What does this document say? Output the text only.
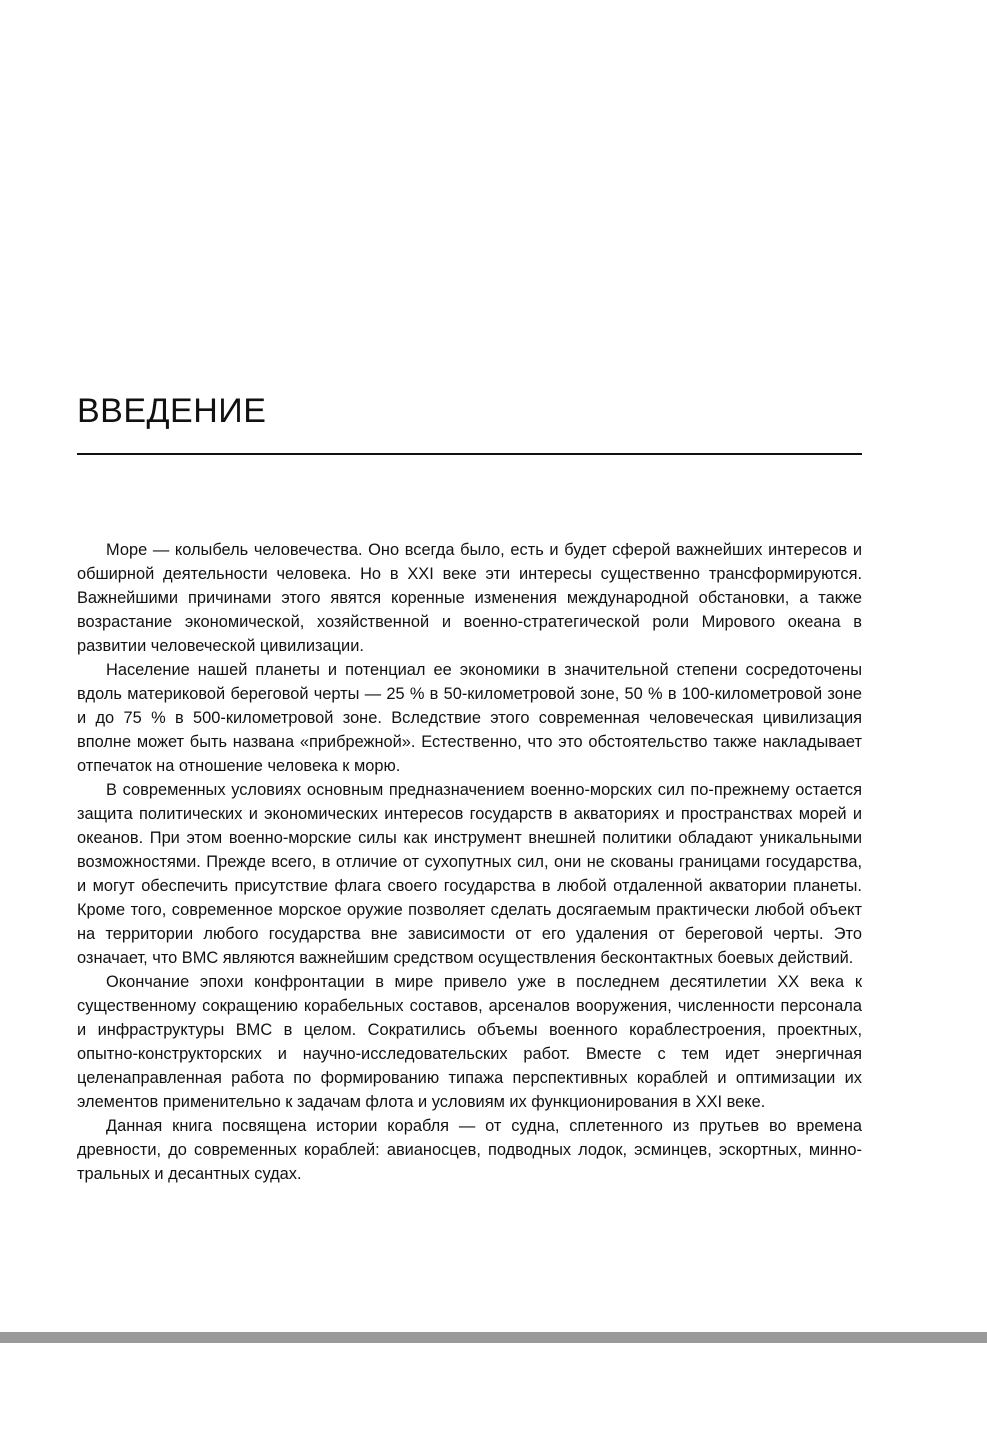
ВВЕДЕНИЕ

Море — колыбель человечества. Оно всегда было, есть и будет сферой важнейших интересов и обширной деятельности человека. Но в XXI веке эти интересы существенно трансформируются. Важнейшими причинами этого явятся коренные изменения международной обстановки, а также возрастание экономической, хозяйственной и военно-стратегической роли Мирового океана в развитии человеческой цивилизации.

Население нашей планеты и потенциал ее экономики в значительной степени сосредоточены вдоль материковой береговой черты — 25 % в 50-километровой зоне, 50 % в 100-километровой зоне и до 75 % в 500-километровой зоне. Вследствие этого современная человеческая цивилизация вполне может быть названа «прибрежной». Естественно, что это обстоятельство также накладывает отпечаток на отношение человека к морю.

В современных условиях основным предназначением военно-морских сил по-прежнему остается защита политических и экономических интересов государств в акваториях и пространствах морей и океанов. При этом военно-морские силы как инструмент внешней политики обладают уникальными возможностями. Прежде всего, в отличие от сухопутных сил, они не скованы границами государства, и могут обеспечить присутствие флага своего государства в любой отдаленной акватории планеты. Кроме того, современное морское оружие позволяет сделать досягаемым практически любой объект на территории любого государства вне зависимости от его удаления от береговой черты. Это означает, что ВМС являются важнейшим средством осуществления бесконтактных боевых действий.

Окончание эпохи конфронтации в мире привело уже в последнем десятилетии XX века к существенному сокращению корабельных составов, арсеналов вооружения, численности персонала и инфраструктуры ВМС в целом. Сократились объемы военного кораблестроения, проектных, опытно-конструкторских и научно-исследовательских работ. Вместе с тем идет энергичная целенаправленная работа по формированию типажа перспективных кораблей и оптимизации их элементов применительно к задачам флота и условиям их функционирования в XXI веке.

Данная книга посвящена истории корабля — от судна, сплетенного из прутьев во времена древности, до современных кораблей: авианосцев, подводных лодок, эсминцев, эскортных, минно-тральных и десантных судах.
